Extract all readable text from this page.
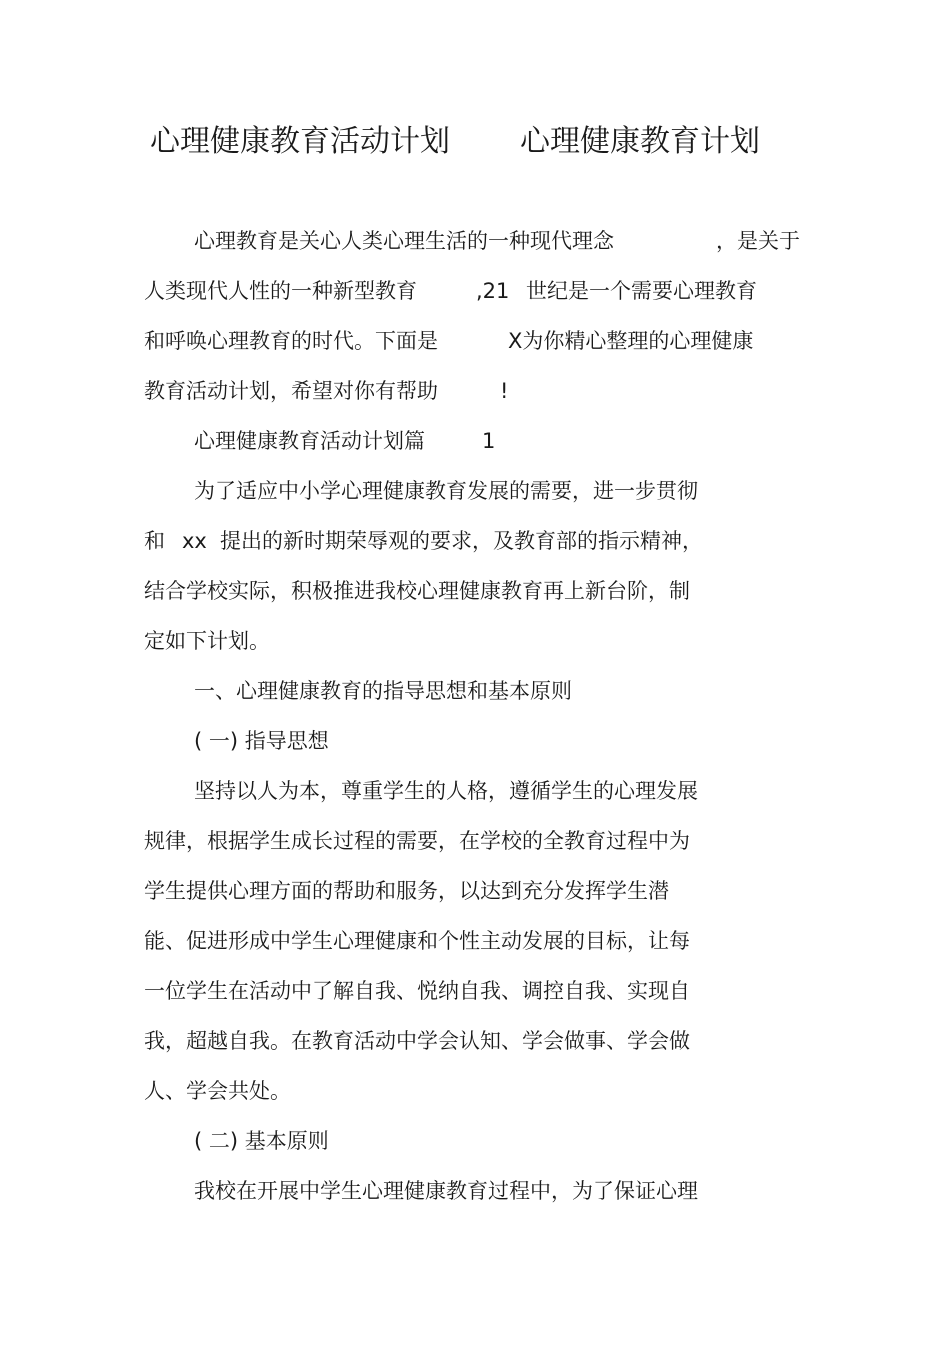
心理健康教育活动计划 心理健康教育计划
心理教育是关心人类心理生活的一种现代理念	，是关于
人类现代人性的一种新型教育	,21 世纪是一个需要心理教育
和呼唤心理教育的时代。下面是	X为你精心整理的心理健康
教育活动计划，希望对你有帮助	!
心理健康教育活动计划篇	1
为了适应中小学心理健康教育发展的需要，进一步贯彻
和 xx 提出的新时期荣辱观的要求，及教育部的指示精神，
结合学校实际，积极推进我校心理健康教育再上新台阶，制
定如下计划。
一、心理健康教育的指导思想和基本原则
( 一) 指导思想
坚持以人为本，尊重学生的人格，遵循学生的心理发展
规律，根据学生成长过程的需要，在学校的全教育过程中为
学生提供心理方面的帮助和服务，以达到充分发挥学生潜
能、促进形成中学生心理健康和个性主动发展的目标，让每
一位学生在活动中了解自我、悦纳自我、调控自我、实现自
我，超越自我。在教育活动中学会认知、学会做事、学会做
人、学会共处。
( 二) 基本原则
我校在开展中学生心理健康教育过程中，为了保证心理
